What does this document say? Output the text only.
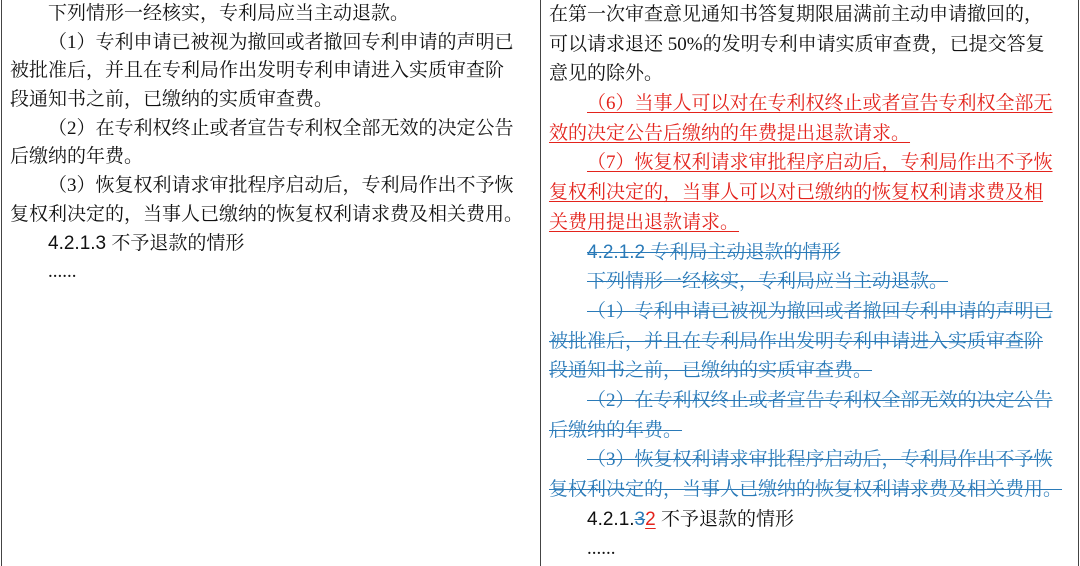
下列情形一经核实，专利局应当主动退款。
（1）专利申请已被视为撤回或者撤回专利申请的声明已
被批准后，并且在专利局作出发明专利申请进入实质审查阶
段通知书之前，已缴纳的实质审查费。
（2）在专利权终止或者宣告专利权全部无效的决定公告
后缴纳的年费。
（3）恢复权利请求审批程序启动后，专利局作出不予恢
复权利决定的，当事人已缴纳的恢复权利请求费及相关费用。
4.2.1.3 不予退款的情形
......
在第一次审查意见通知书答复期限届满前主动申请撤回的，
可以请求退还 50%的发明专利申请实质审查费，已提交答复
意见的除外。
（6）当事人可以对在专利权终止或者宣告专利权全部无
效的决定公告后缴纳的年费提出退款请求。
（7）恢复权利请求审批程序启动后，专利局作出不予恢
复权利决定的，当事人可以对已缴纳的恢复权利请求费及相
关费用提出退款请求。
4.2.1.2 专利局主动退款的情形
下列情形一经核实，专利局应当主动退款。
（1）专利申请已被视为撤回或者撤回专利申请的声明已
被批准后，并且在专利局作出发明专利申请进入实质审查阶
段通知书之前，已缴纳的实质审查费。
（2）在专利权终止或者宣告专利权全部无效的决定公告
后缴纳的年费。
（3）恢复权利请求审批程序启动后，专利局作出不予恢
复权利决定的，当事人已缴纳的恢复权利请求费及相关费用。
4.2.1.32 不予退款的情形
......
